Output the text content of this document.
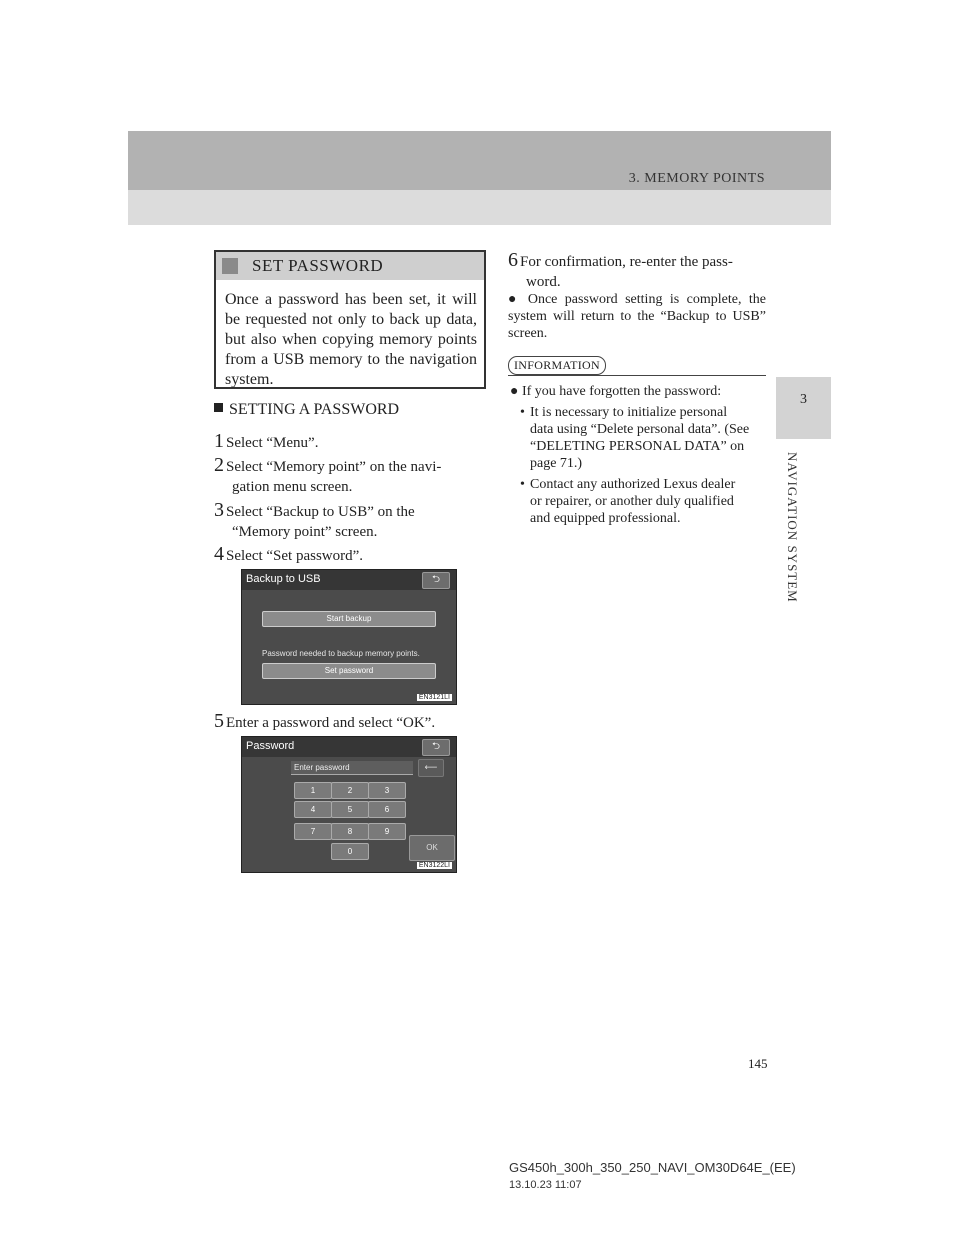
3. MEMORY POINTS
3
NAVIGATION SYSTEM
SET PASSWORD
Once a password has been set, it will be requested not only to back up data, but also when copying memory points from a USB memory to the navigation system.
SETTING A PASSWORD
1 Select “Menu”.
2 Select “Memory point” on the navi-
gation menu screen.
3 Select “Backup to USB” on the
“Memory point” screen.
4 Select “Set password”.
Backup to USB	⮌
Start backup
Password needed to backup memory points.
Set password
EN3121LI
5 Enter a password and select “OK”.
Password	⮌
Enter password	⟵
1	2	3
4	5	6
7	8	9
0	OK
EN3122LI
6 For confirmation, re-enter the pass-
word.
● Once password setting is complete, the system will return to the “Backup to USB” screen.
INFORMATION
● If you have forgotten the password:
• It is necessary to initialize personal
data using “Delete personal data”. (See “DELETING PERSONAL DATA” on page 71.)
• Contact any authorized Lexus dealer
or repairer, or another duly qualified and equipped professional.
145
GS450h_300h_350_250_NAVI_OM30D64E_(EE)
13.10.23 11:07
